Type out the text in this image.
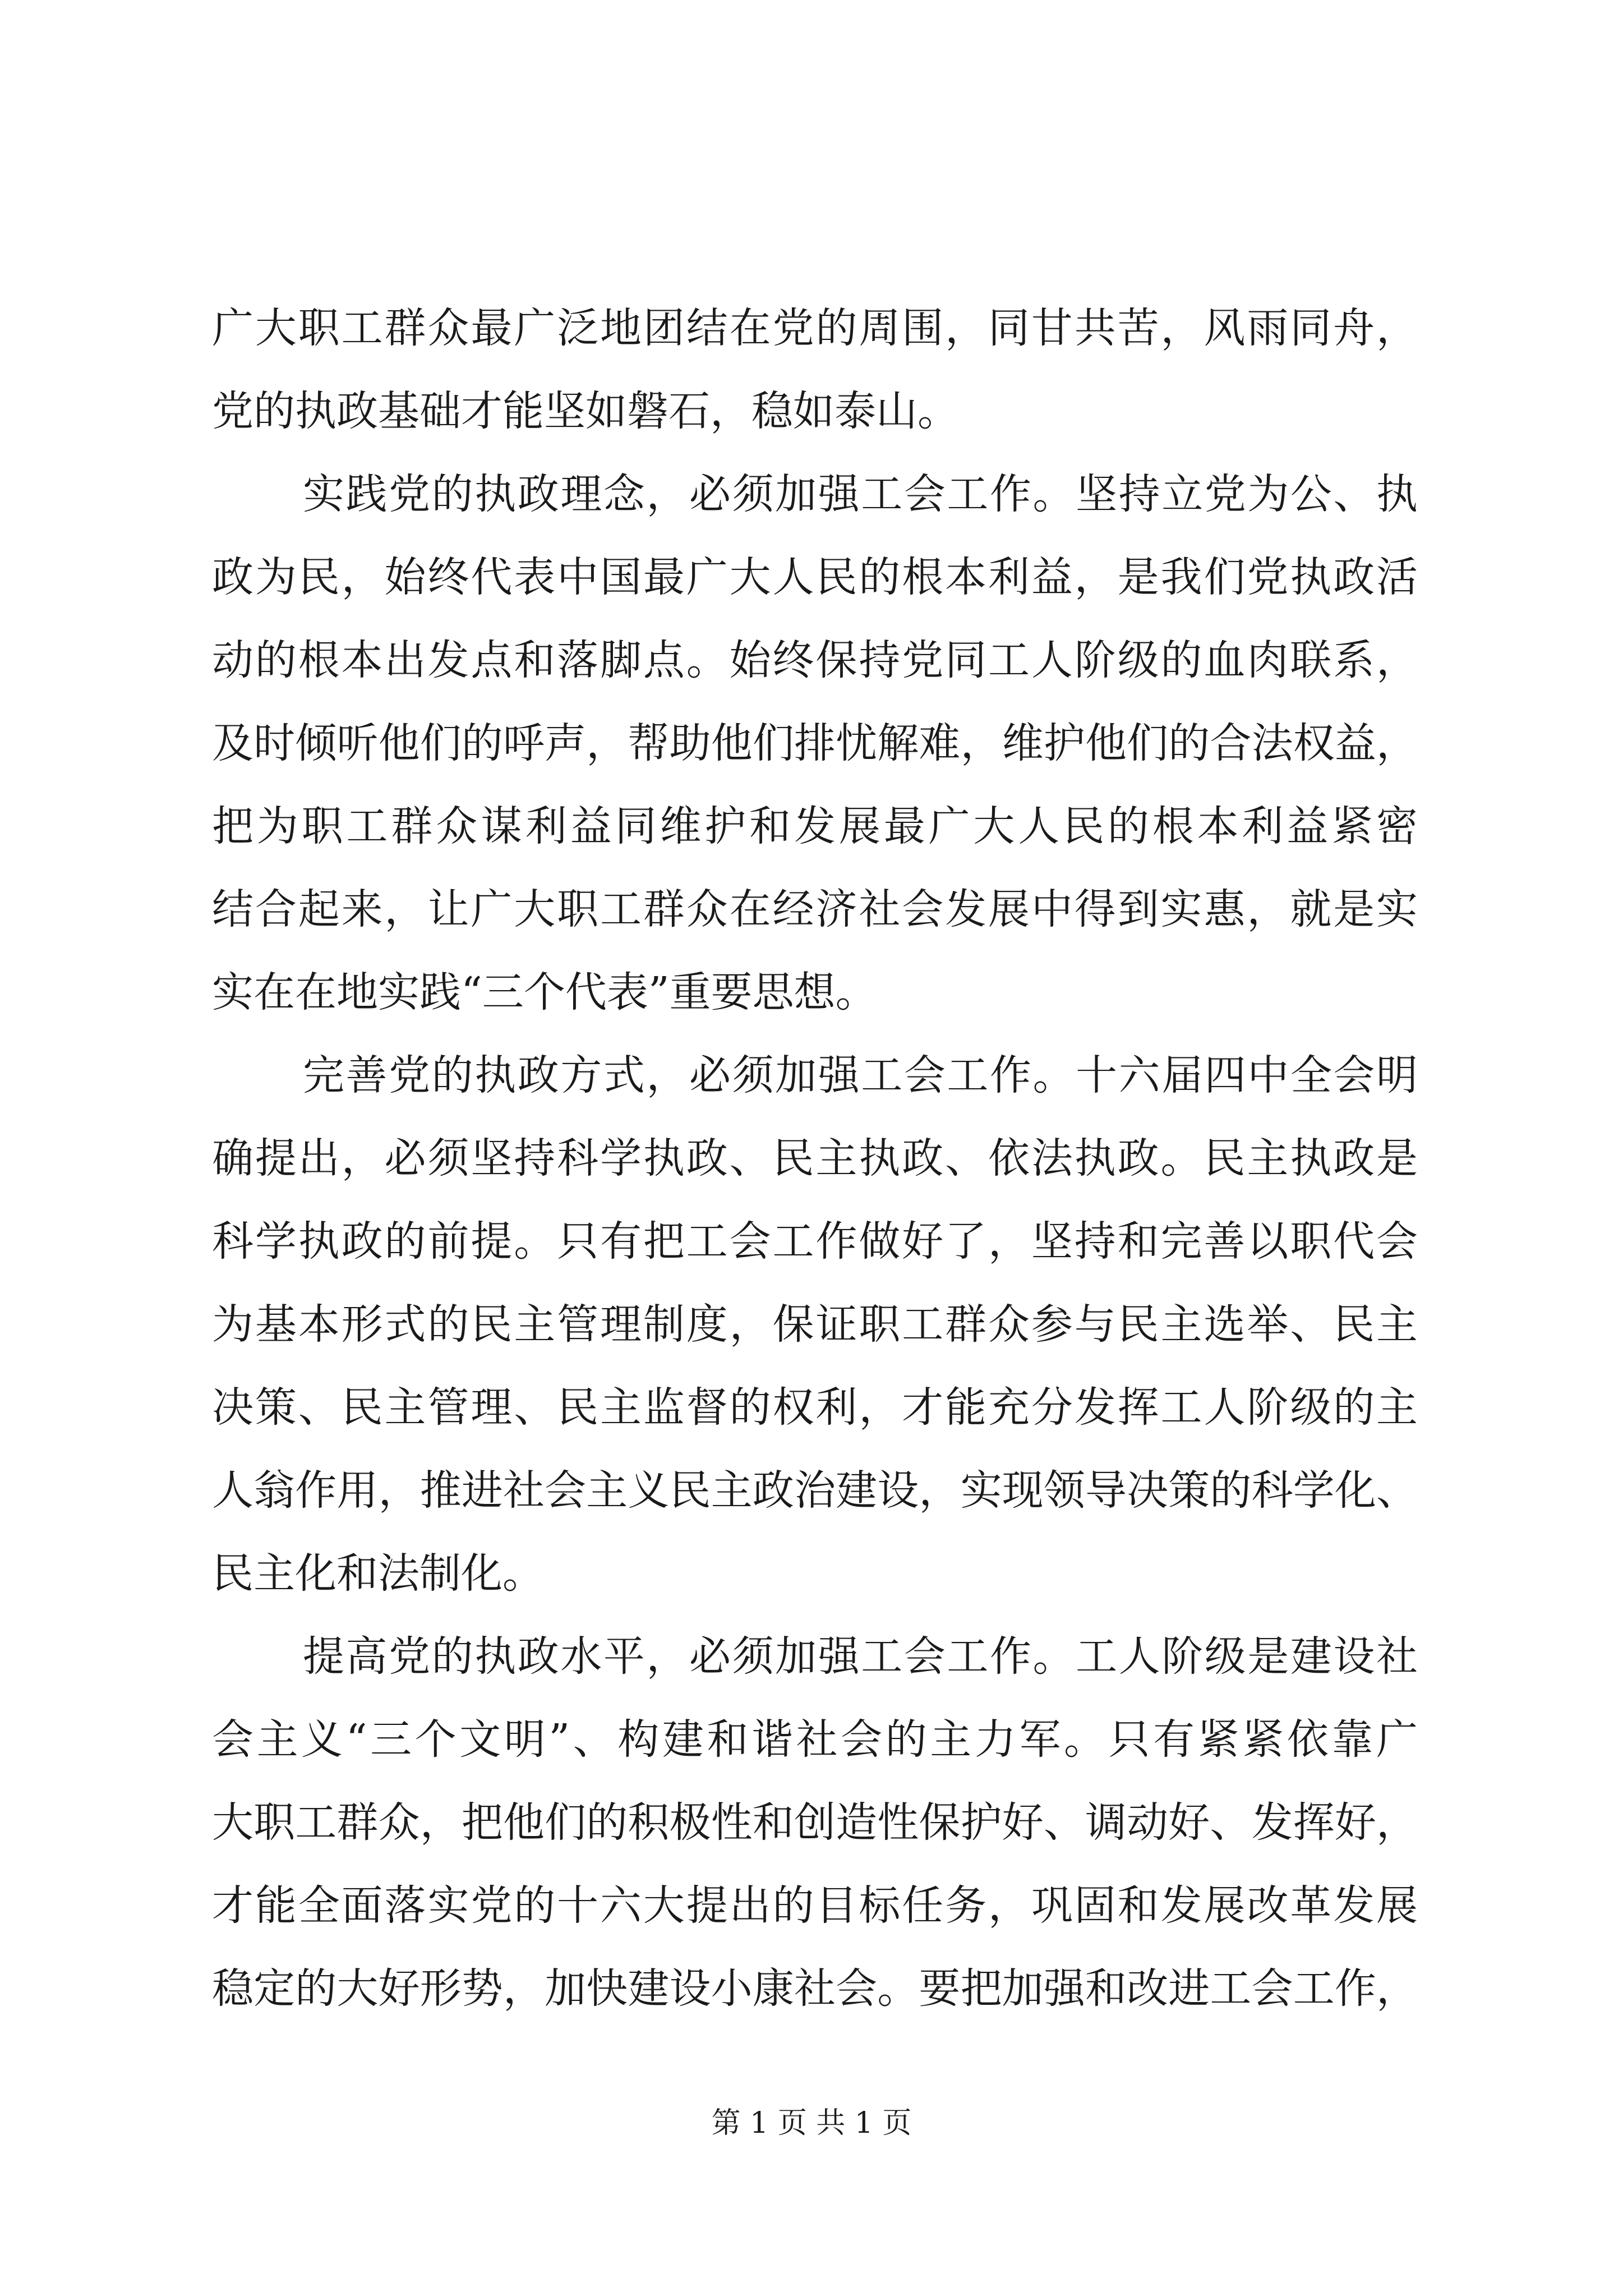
广大职工群众最广泛地团结在党的周围，同甘共苦，风雨同舟，
党的执政基础才能坚如磐石，稳如泰山。
实践党的执政理念，必须加强工会工作。坚持立党为公、执
政为民，始终代表中国最广大人民的根本利益，是我们党执政活
动的根本出发点和落脚点。始终保持党同工人阶级的血肉联系，
及时倾听他们的呼声，帮助他们排忧解难，维护他们的合法权益，
把为职工群众谋利益同维护和发展最广大人民的根本利益紧密
结合起来，让广大职工群众在经济社会发展中得到实惠，就是实
实在在地实践“三个代表”重要思想。
完善党的执政方式，必须加强工会工作。十六届四中全会明
确提出，必须坚持科学执政、民主执政、依法执政。民主执政是
科学执政的前提。只有把工会工作做好了，坚持和完善以职代会
为基本形式的民主管理制度，保证职工群众参与民主选举、民主
决策、民主管理、民主监督的权利，才能充分发挥工人阶级的主
人翁作用，推进社会主义民主政治建设，实现领导决策的科学化、
民主化和法制化。
提高党的执政水平，必须加强工会工作。工人阶级是建设社
会主义“三个文明”、构建和谐社会的主力军。只有紧紧依靠广
大职工群众，把他们的积极性和创造性保护好、调动好、发挥好，
才能全面落实党的十六大提出的目标任务，巩固和发展改革发展
稳定的大好形势，加快建设小康社会。要把加强和改进工会工作，
第 1 页 共 1 页
